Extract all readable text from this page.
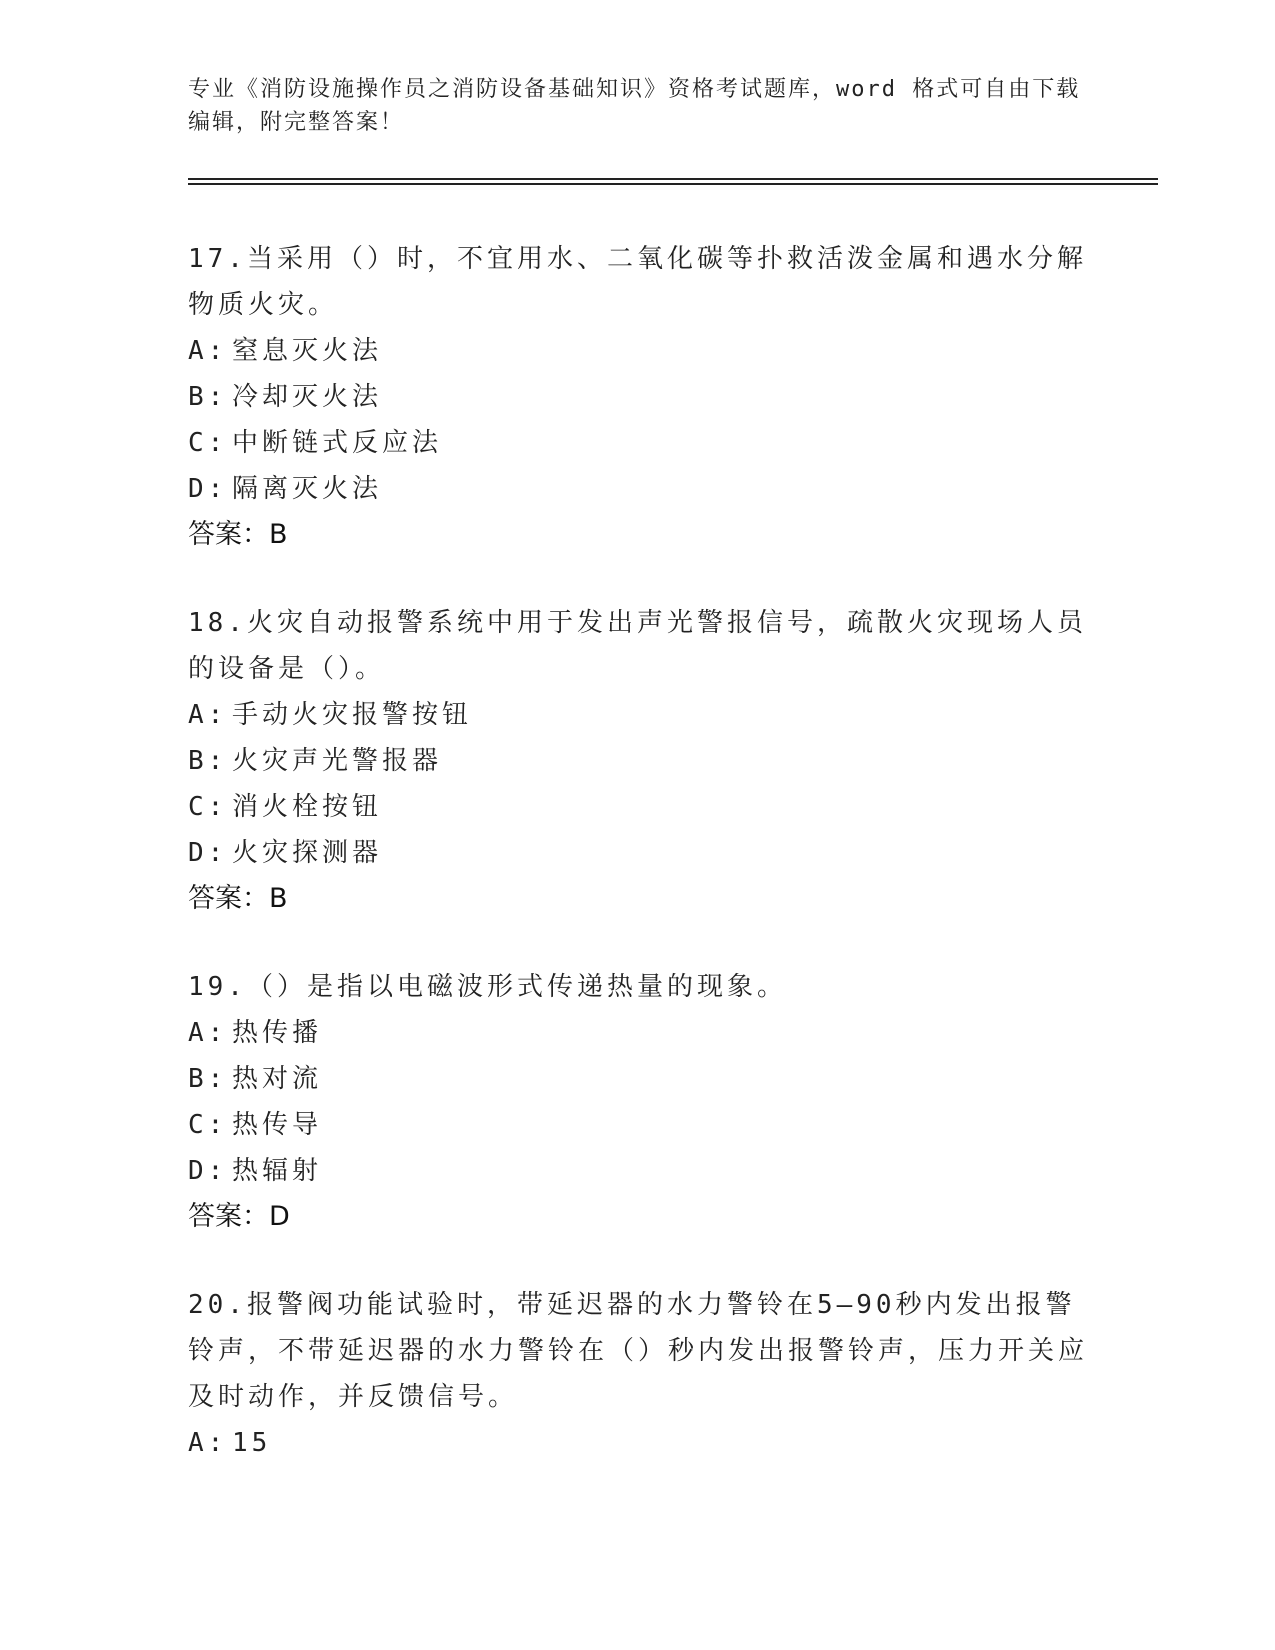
专业《消防设施操作员之消防设备基础知识》资格考试题库，word 格式可自由下载编辑，附完整答案！

17.当采用（）时，不宜用水、二氧化碳等扑救活泼金属和遇水分解物质火灾。

A: 窒息灭火法
B: 冷却灭火法
C: 中断链式反应法
D: 隔离灭火法

答案：B

18.火灾自动报警系统中用于发出声光警报信号，疏散火灾现场人员的设备是（）。

A: 手动火灾报警按钮
B: 火灾声光警报器
C: 消火栓按钮
D: 火灾探测器

答案：B

19.（）是指以电磁波形式传递热量的现象。

A: 热传播
B: 热对流
C: 热传导
D: 热辐射

答案：D

20.报警阀功能试验时，带延迟器的水力警铃在5—90秒内发出报警铃声，不带延迟器的水力警铃在（）秒内发出报警铃声，压力开关应及时动作，并反馈信号。

A: 15
